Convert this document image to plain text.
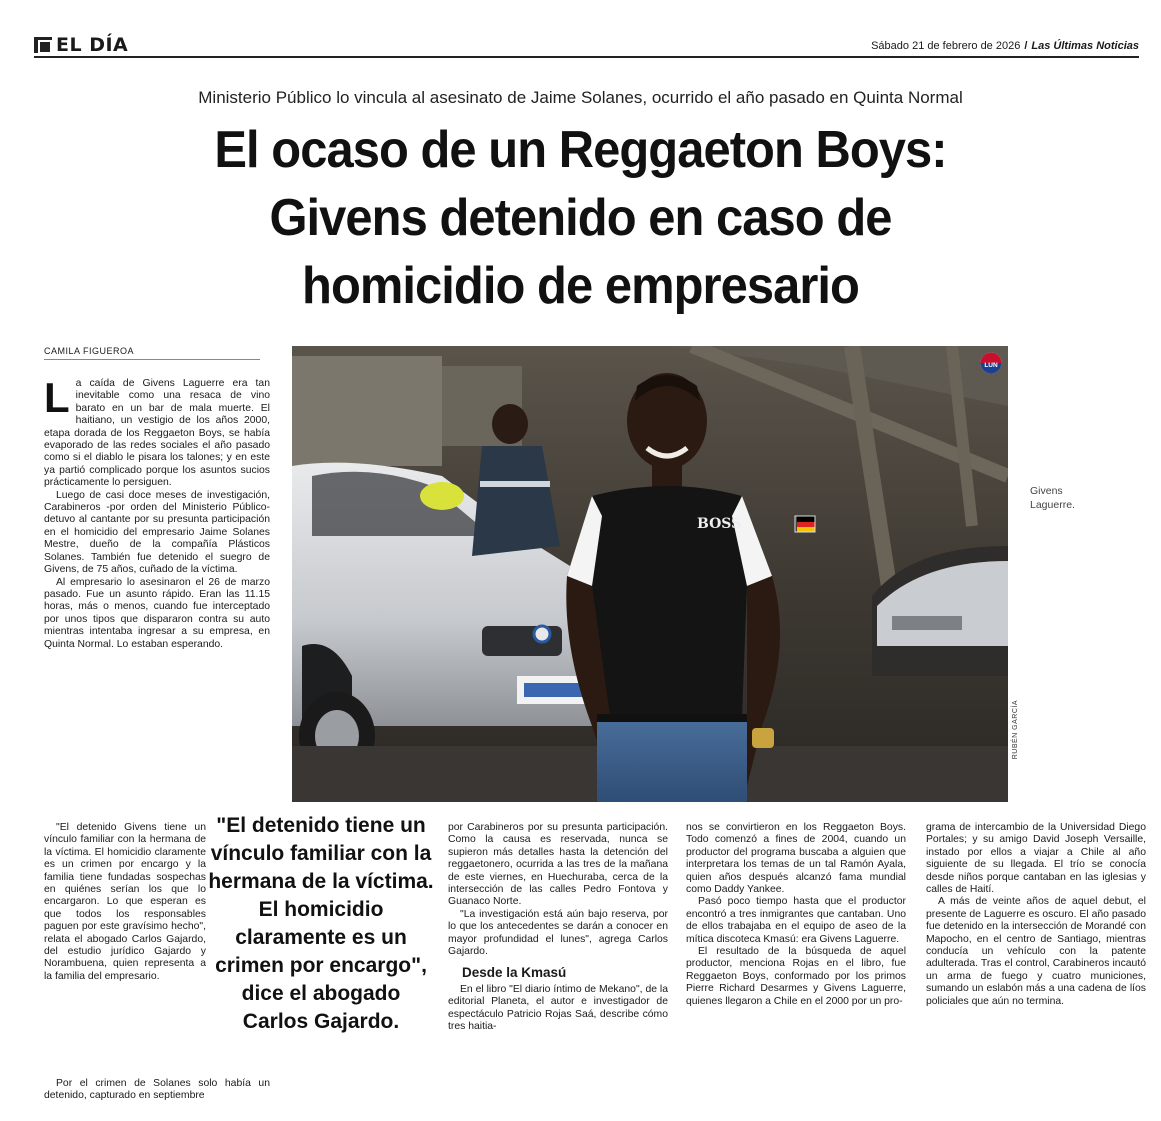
EL DÍA	Sábado 21 de febrero de 2026 / Las Últimas Noticias
Ministerio Público lo vincula al asesinato de Jaime Solanes, ocurrido el año pasado en Quinta Normal
El ocaso de un Reggaeton Boys:
Givens detenido en caso de
homicidio de empresario
CAMILA FIGUEROA

La caída de Givens Laguerre era tan inevitable como una resaca de vino barato en un bar de mala muerte. El haitiano, un vestigio de los años 2000, etapa dorada de los Reggaeton Boys, se había evaporado de las redes sociales el año pasado como si el diablo le pisara los talones; y en este ya partió complicado porque los asuntos sucios prácticamente lo persiguen.

Luego de casi doce meses de investigación, Carabineros -por orden del Ministerio Público- detuvo al cantante por su presunta participación en el homicidio del empresario Jaime Solanes Mestre, dueño de la compañía Plásticos Solanes. También fue detenido el suegro de Givens, de 75 años, cuñado de la víctima.

Al empresario lo asesinaron el 26 de marzo pasado. Fue un asunto rápido. Eran las 11.15 horas, más o menos, cuando fue interceptado por unos tipos que dispararon contra su auto mientras intentaba ingresar a su empresa, en Quinta Normal. Lo estaban esperando.

"El detenido Givens tiene un vínculo familiar con la hermana de la víctima. El homicidio claramente es un crimen por encargo y la familia tiene fundadas sospechas en quiénes serían los que lo encargaron. Lo que esperan es que todos los responsables paguen por este gravísimo hecho", relata el abogado Carlos Gajardo, del estudio jurídico Gajardo y Norambuena, quien representa a la familia del empresario.

Por el crimen de Solanes solo había un detenido, capturado en septiembre

"El detenido tiene un vínculo familiar con la hermana de la víctima. El homicidio claramente es un crimen por encargo", dice el abogado Carlos Gajardo.

por Carabineros por su presunta participación. Como la causa es reservada, nunca se supieron más detalles hasta la detención del reggaetonero, ocurrida a las tres de la mañana de este viernes, en Huechuraba, cerca de la intersección de las calles Pedro Fontova y Guanaco Norte.

"La investigación está aún bajo reserva, por lo que los antecedentes se darán a conocer en mayor profundidad el lunes", agrega Carlos Gajardo.

Desde la Kmasú

En el libro "El diario íntimo de Mekano", de la editorial Planeta, el autor e investigador de espectáculo Patricio Rojas Saá, describe cómo tres haitia-

nos se convirtieron en los Reggaeton Boys. Todo comenzó a fines de 2004, cuando un productor del programa buscaba a alguien que interpretara los temas de un tal Ramón Ayala, quien años después alcanzó fama mundial como Daddy Yankee.

Pasó poco tiempo hasta que el productor encontró a tres inmigrantes que cantaban. Uno de ellos trabajaba en el equipo de aseo de la mítica discoteca Kmasú: era Givens Laguerre.

El resultado de la búsqueda de aquel productor, menciona Rojas en el libro, fue Reggaeton Boys, conformado por los primos Pierre Richard Desarmes y Givens Laguerre, quienes llegaron a Chile en el 2000 por un pro-

grama de intercambio de la Universidad Diego Portales; y su amigo David Joseph Versaille, instado por ellos a viajar a Chile al año siguiente de su llegada. El trío se conocía desde niños porque cantaban en las iglesias y calles de Haití.

A más de veinte años de aquel debut, el presente de Laguerre es oscuro. El año pasado fue detenido en la intersección de Morandé con Mapocho, en el centro de Santiago, mientras conducía un vehículo con la patente adulterada. Tras el control, Carabineros incautó un arma de fuego y cuatro municiones, sumando un eslabón más a una cadena de líos policiales que aún no termina.

BOSS
LUN
RUBÉN GARCÍA
Givens Laguerre.
